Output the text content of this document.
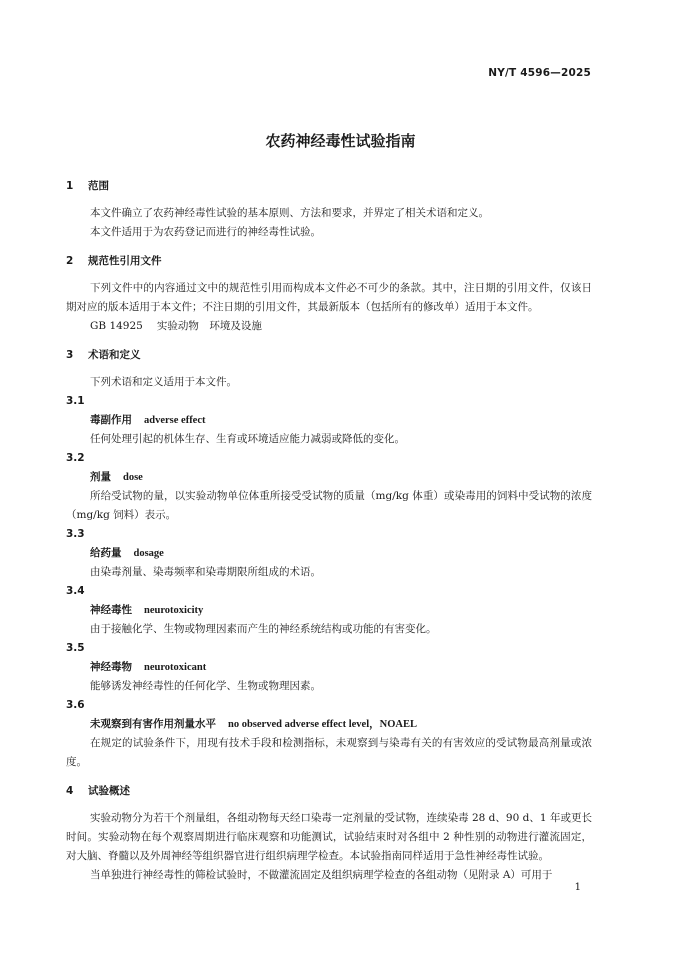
NY/T 4596—2025
农药神经毒性试验指南
1 范围

本文件确立了农药神经毒性试验的基本原则、方法和要求，并界定了相关术语和定义。

本文件适用于为农药登记而进行的神经毒性试验。

2 规范性引用文件

下列文件中的内容通过文中的规范性引用而构成本文件必不可少的条款。其中，注日期的引用文件，仅该日期对应的版本适用于本文件；不注日期的引用文件，其最新版本（包括所有的修改单）适用于本文件。

GB 14925 实验动物　环境及设施

3 术语和定义

下列术语和定义适用于本文件。

3.1

毒副作用 adverse effect

任何处理引起的机体生存、生育或环境适应能力减弱或降低的变化。

3.2

剂量 dose

所给受试物的量，以实验动物单位体重所接受受试物的质量（mg/kg 体重）或染毒用的饲料中受试物的浓度（mg/kg 饲料）表示。

3.3

给药量 dosage

由染毒剂量、染毒频率和染毒期限所组成的术语。

3.4

神经毒性 neurotoxicity

由于接触化学、生物或物理因素而产生的神经系统结构或功能的有害变化。

3.5

神经毒物 neurotoxicant

能够诱发神经毒性的任何化学、生物或物理因素。

3.6

未观察到有害作用剂量水平 no observed adverse effect level，NOAEL

在规定的试验条件下，用现有技术手段和检测指标，未观察到与染毒有关的有害效应的受试物最高剂量或浓度。

4 试验概述

实验动物分为若干个剂量组，各组动物每天经口染毒一定剂量的受试物，连续染毒 28 d、90 d、1 年或更长时间。实验动物在每个观察周期进行临床观察和功能测试，试验结束时对各组中 2 种性别的动物进行灌流固定，对大脑、脊髓以及外周神经等组织器官进行组织病理学检查。本试验指南同样适用于急性神经毒性试验。

当单独进行神经毒性的筛检试验时，不做灌流固定及组织病理学检查的各组动物（见附录 A）可用于

1
